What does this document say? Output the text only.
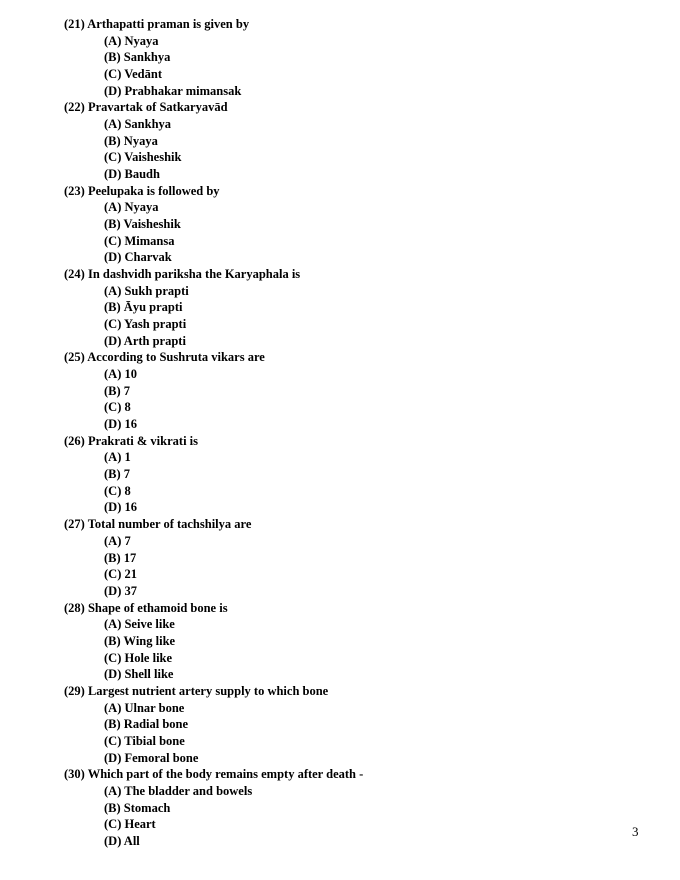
(21) Arthapatti praman is given by
(A) Nyaya
(B) Sankhya
(C) Vedānt
(D) Prabhakar mimansak
(22) Pravartak of Satkaryavād
(A) Sankhya
(B) Nyaya
(C) Vaisheshik
(D) Baudh
(23) Peelupaka is followed by
(A) Nyaya
(B) Vaisheshik
(C) Mimansa
(D) Charvak
(24) In dashvidh pariksha the Karyaphala is
(A) Sukh prapti
(B) Āyu prapti
(C) Yash prapti
(D) Arth prapti
(25) According to Sushruta vikars are
(A) 10
(B) 7
(C) 8
(D) 16
(26) Prakrati & vikrati is
(A) 1
(B) 7
(C) 8
(D) 16
(27) Total number of tachshilya are
(A) 7
(B) 17
(C) 21
(D) 37
(28) Shape of ethamoid bone is
(A) Seive like
(B) Wing like
(C) Hole like
(D) Shell like
(29) Largest nutrient artery supply to which bone
(A) Ulnar bone
(B) Radial bone
(C) Tibial bone
(D) Femoral bone
(30) Which part of the body remains empty after death -
(A) The bladder and bowels
(B) Stomach
(C) Heart
(D) All
3
